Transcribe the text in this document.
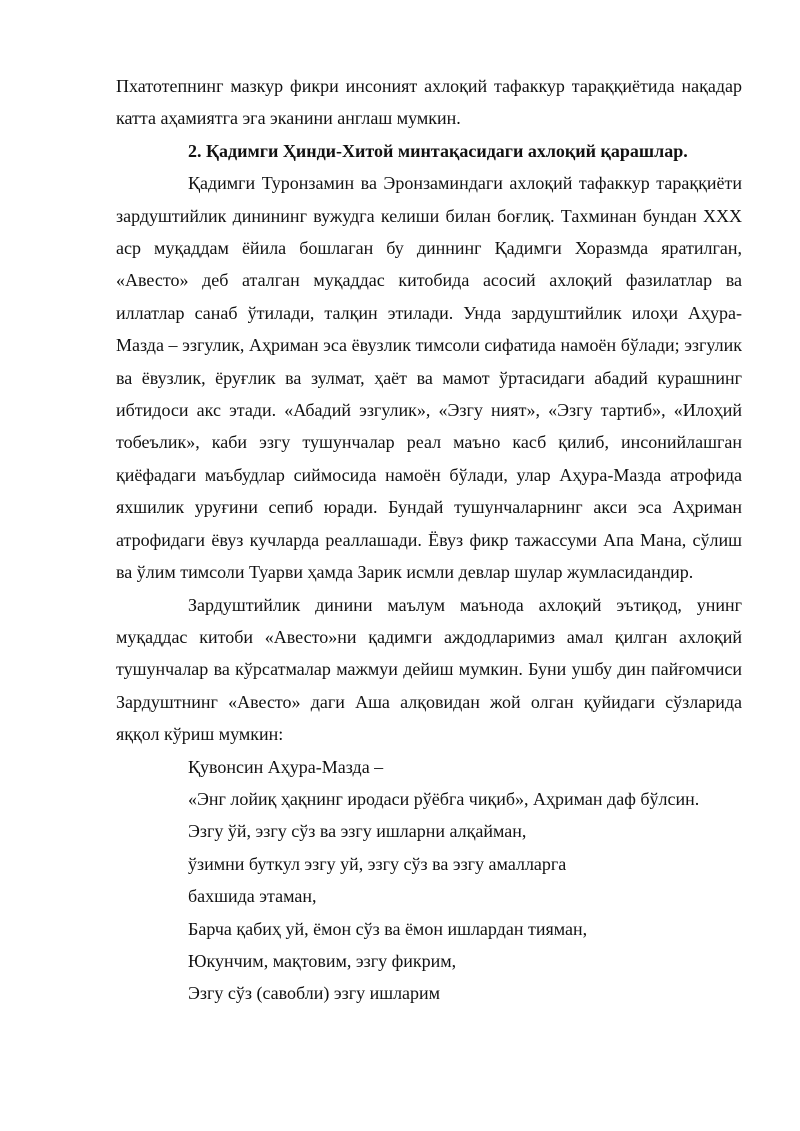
Пхатотепнинг мазкур фикри инсоният ахлоқий тафаккур тараққиётида нақадар катта аҳамиятга эга эканини англаш мумкин.

2. Қадимги Ҳинди-Хитой минтақасидаги ахлоқий қарашлар.

Қадимги Туронзамин ва Эронзаминдаги ахлоқий тафаккур тараққиёти зардуштийлик динининг вужудга келиши билан боғлиқ. Тахминан бундан XXX аср муқаддам ёйила бошлаган бу диннинг Қадимги Хоразмда яратилган, «Авесто» деб аталган муқаддас китобида асосий ахлоқий фазилатлар ва иллатлар санаб ўтилади, талқин этилади. Унда зардуштийлик илоҳи Аҳура-Мазда – эзгулик, Аҳриман эса ёвузлик тимсоли сифатида намоён бўлади; эзгулик ва ёвузлик, ёруғлик ва зулмат, ҳаёт ва мамот ўртасидаги абадий курашнинг ибтидоси акс этади. «Абадий эзгулик», «Эзгу ният», «Эзгу тартиб», «Илоҳий тобеълик», каби эзгу тушунчалар реал маъно касб қилиб, инсонийлашган қиёфадаги маъбудлар сиймосида намоён бўлади, улар Аҳура-Мазда атрофида яхшилик уруғини сепиб юради. Бундай тушунчаларнинг акси эса Аҳриман атрофидаги ёвуз кучларда реаллашади. Ёвуз фикр тажассуми Апа Мана, сўлиш ва ўлим тимсоли Туарви ҳамда Зарик исмли девлар шулар жумласидандир.

Зардуштийлик динини маълум маънода ахлоқий эътиқод, унинг муқаддас китоби «Авесто»ни қадимги аждодларимиз амал қилган ахлоқий тушунчалар ва кўрсатмалар мажмуи дейиш мумкин. Буни ушбу дин пайғомчиси Зардуштнинг «Авесто» даги Аша алқовидан жой олган қуйидаги сўзларида яққол кўриш мумкин:

Қувонсин Аҳура-Мазда –
«Энг лойиқ ҳақнинг иродаси рўёбга чиқиб», Аҳриман даф бўлсин.
Эзгу ўй, эзгу сўз ва эзгу ишларни алқайман,
ўзимни буткул эзгу уй, эзгу сўз ва эзгу амалларга
бахшида этаман,
Барча қабиҳ уй, ёмон сўз ва ёмон ишлардан тияман,
Юкунчим, мақтовим, эзгу фикрим,
Эзгу сўз (савобли) эзгу ишларим
